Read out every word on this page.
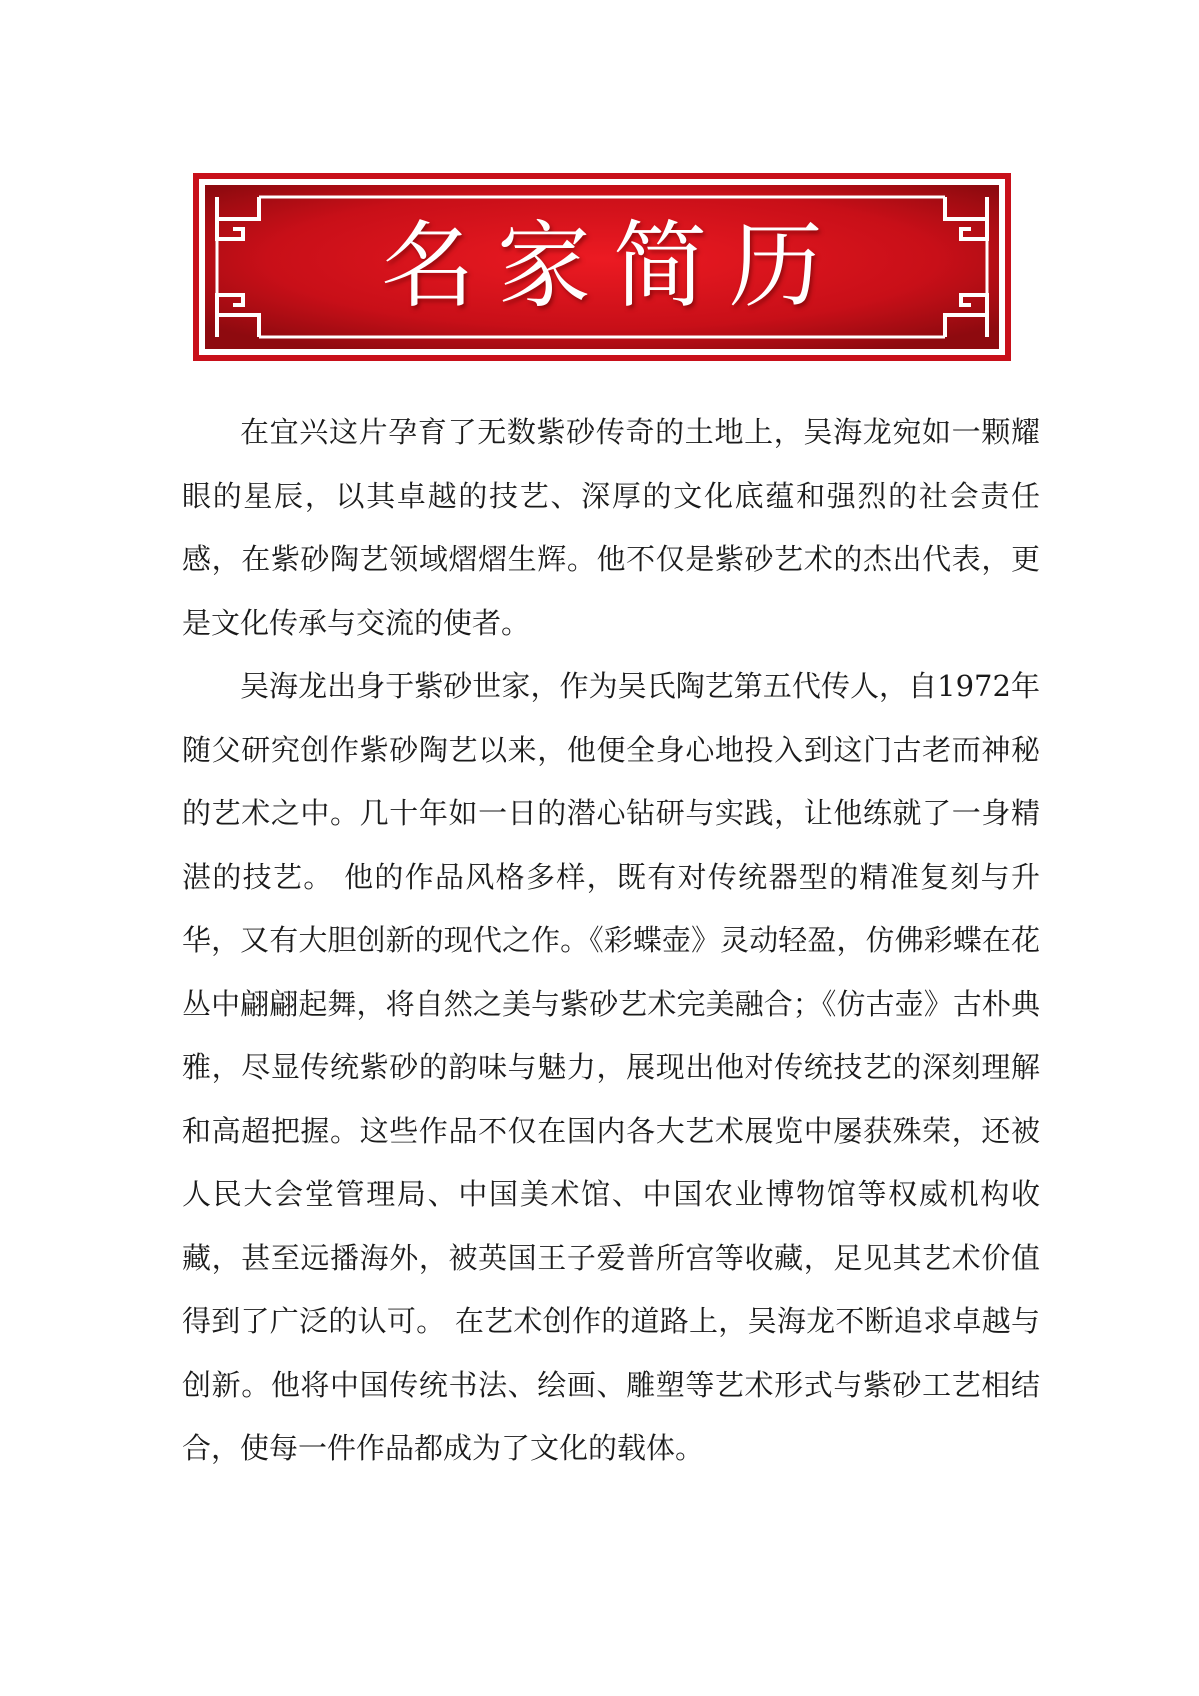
名家简历

在宜兴这片孕育了无数紫砂传奇的土地上，吴海龙宛如一颗耀眼的星辰，以其卓越的技艺、深厚的文化底蕴和强烈的社会责任感，在紫砂陶艺领域熠熠生辉。他不仅是紫砂艺术的杰出代表，更是文化传承与交流的使者。

吴海龙出身于紫砂世家，作为吴氏陶艺第五代传人，自1972年随父研究创作紫砂陶艺以来，他便全身心地投入到这门古老而神秘的艺术之中。几十年如一日的潜心钻研与实践，让他练就了一身精湛的技艺。 他的作品风格多样，既有对传统器型的精准复刻与升华，又有大胆创新的现代之作。《彩蝶壶》灵动轻盈，仿佛彩蝶在花丛中翩翩起舞，将自然之美与紫砂艺术完美融合；《仿古壶》古朴典雅，尽显传统紫砂的韵味与魅力，展现出他对传统技艺的深刻理解和高超把握。这些作品不仅在国内各大艺术展览中屡获殊荣，还被人民大会堂管理局、中国美术馆、中国农业博物馆等权威机构收藏，甚至远播海外，被英国王子爱普所宫等收藏，足见其艺术价值得到了广泛的认可。 在艺术创作的道路上，吴海龙不断追求卓越与创新。他将中国传统书法、绘画、雕塑等艺术形式与紫砂工艺相结合，使每一件作品都成为了文化的载体。
